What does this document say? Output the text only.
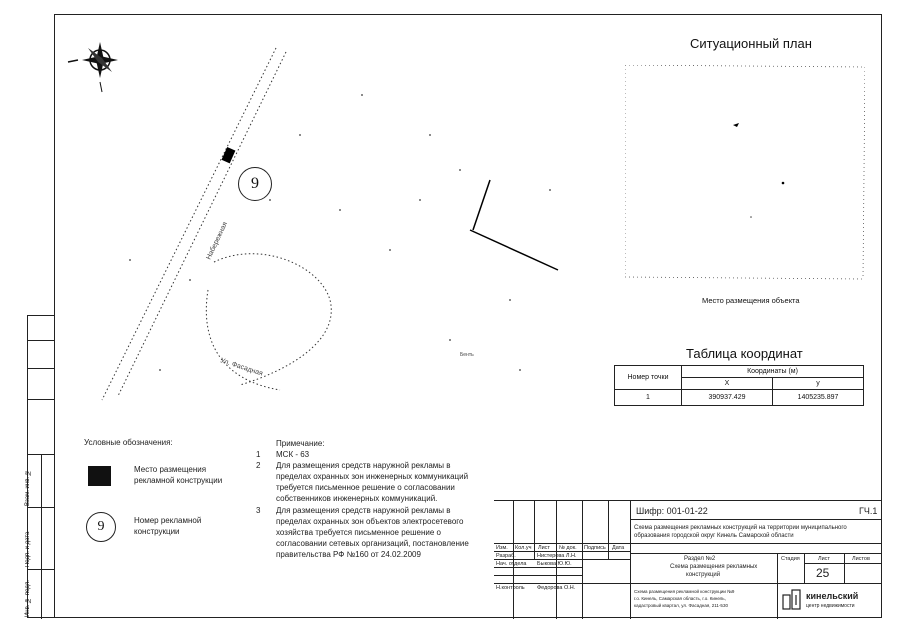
Взам. инв. №
Подп. и дата
Инв. № подл.
Набережная
Ул. Фасадная
Бенть
9
Ситуационный план
Место размещения объекта
Таблица координат
Номер точки	Координаты (м)	
	Х	у
1	390937.429	1405235.897
Условные обозначения:
Место размещения
рекламной конструкции
9	Номер рекламной
конструкции
Примечание:
1	МСК - 63
2	Для размещения средств наружной рекламы в
пределах охранных зон инженерных коммуникаций
требуется письменное решение о согласовании
собственников инженерных коммуникаций.
3	Для размещения средств наружной рекламы в
пределах охранных зон объектов электросетевого
хозяйства требуется письменное решение о
согласовании сетевых организаций, постановление
правительства РФ №160 от 24.02.2009
Шифр: 001-01-22	ГЧ.1
Схема размещения рекламных конструкций на территории муниципального
образования городской округ Кинель Самарской области
Изм. Кол.уч Лист № док. Подпись Дата
Разраб.	Нистерова Л.Н.
Нач. отдела Быкова Ю.Ю.
Н.контроль Федорова О.Н.
Раздел №2
Схема размещения рекламных
конструкций
Стадия	Лист	Листов
25
Схема размещения рекламной конструкции №9
г.о. Кинель, Самарская область, г.о. Кинель,
кадастровый квартал, ул. Фасадная, 211-530
кинельский
центр недвижимости
